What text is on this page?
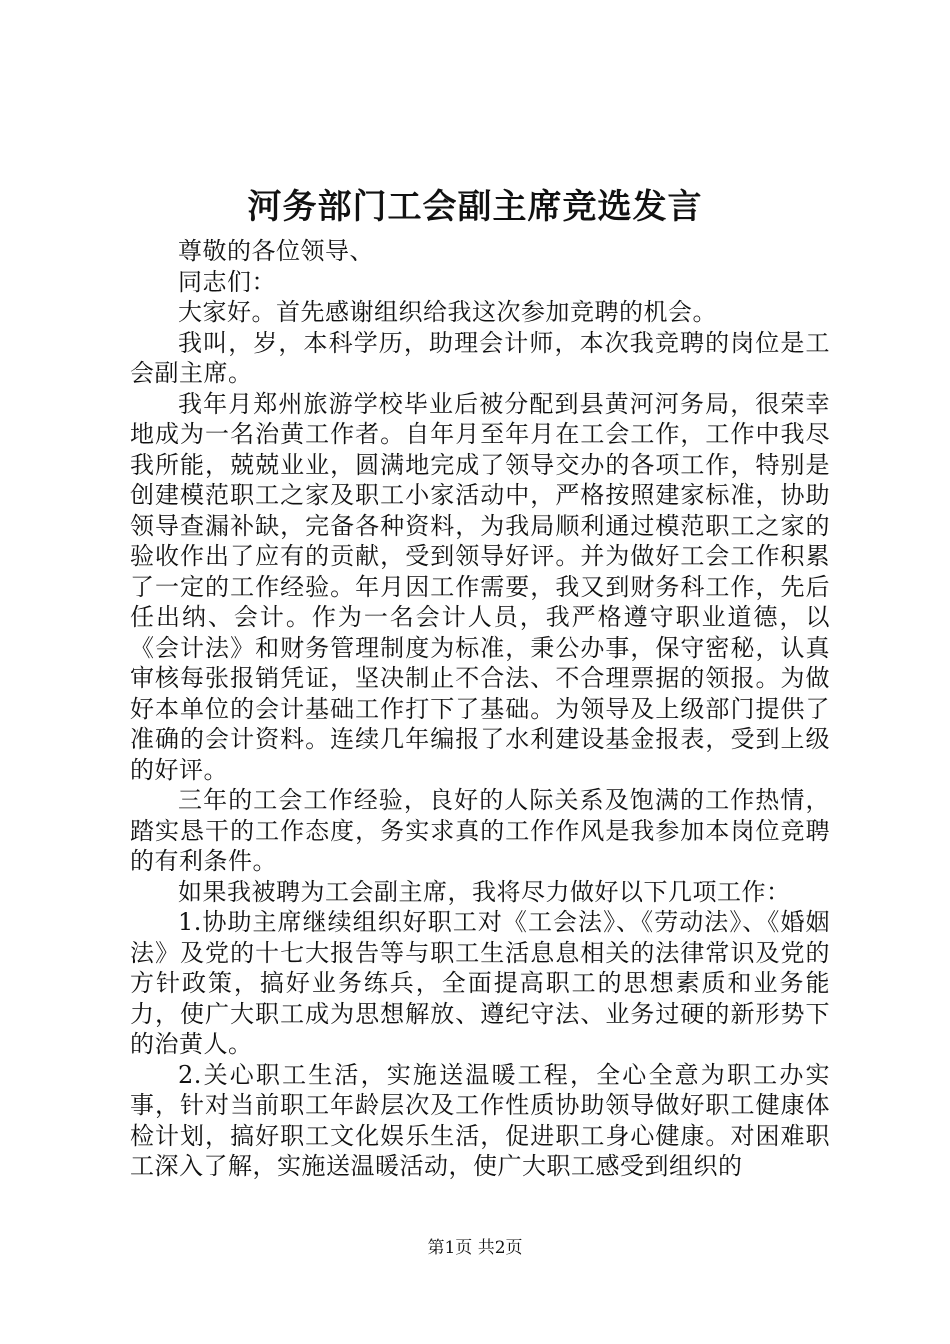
河务部门工会副主席竞选发言

尊敬的各位领导、

同志们：

大家好。首先感谢组织给我这次参加竞聘的机会。

我叫，岁，本科学历，助理会计师，本次我竞聘的岗位是工会副主席。

我年月郑州旅游学校毕业后被分配到县黄河河务局，很荣幸地成为一名治黄工作者。自年月至年月在工会工作，工作中我尽我所能，兢兢业业，圆满地完成了领导交办的各项工作，特别是创建模范职工之家及职工小家活动中，严格按照建家标准，协助领导查漏补缺，完备各种资料，为我局顺利通过模范职工之家的验收作出了应有的贡献，受到领导好评。并为做好工会工作积累了一定的工作经验。年月因工作需要，我又到财务科工作，先后任出纳、会计。作为一名会计人员，我严格遵守职业道德，以《会计法》和财务管理制度为标准，秉公办事，保守密秘，认真审核每张报销凭证，坚决制止不合法、不合理票据的领报。为做好本单位的会计基础工作打下了基础。为领导及上级部门提供了准确的会计资料。连续几年编报了水利建设基金报表，受到上级的好评。

三年的工会工作经验，良好的人际关系及饱满的工作热情，踏实恳干的工作态度，务实求真的工作作风是我参加本岗位竞聘的有利条件。

如果我被聘为工会副主席，我将尽力做好以下几项工作：

1.协助主席继续组织好职工对《工会法》、《劳动法》、《婚姻法》及党的十七大报告等与职工生活息息相关的法律常识及党的方针政策，搞好业务练兵，全面提高职工的思想素质和业务能力，使广大职工成为思想解放、遵纪守法、业务过硬的新形势下的治黄人。

2.关心职工生活，实施送温暖工程，全心全意为职工办实事，针对当前职工年龄层次及工作性质协助领导做好职工健康体检计划，搞好职工文化娱乐生活，促进职工身心健康。对困难职工深入了解，实施送温暖活动，使广大职工感受到组织的

第1页 共2页
